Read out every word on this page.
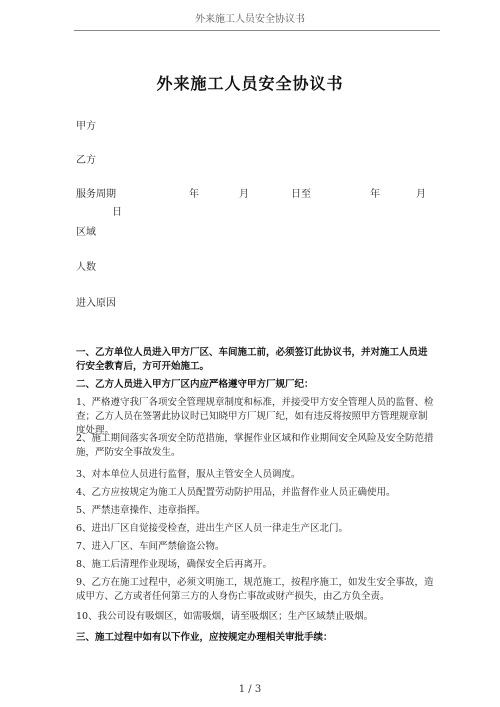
外来施工人员安全协议书
外来施工人员安全协议书
甲方
乙方
服务周期	年	月	日至	年	月
日
区域
人数
进入原因
一、乙方单位人员进入甲方厂区、车间施工前，必须签订此协议书，并对施工人员进行安全教育后，方可开始施工。
二、乙方人员进入甲方厂区内应严格遵守甲方厂规厂纪：
1、严格遵守我厂各项安全管理规章制度和标准，并接受甲方安全管理人员的监督、检查；乙方人员在签署此协议时已知晓甲方厂规厂纪，如有违反将按照甲方管理规章制度处理。
2、施工期间落实各项安全防范措施，掌握作业区域和作业期间安全风险及安全防范措施，严防安全事故发生。
3、对本单位人员进行监督，服从主管安全人员调度。
4、乙方应按规定为施工人员配置劳动防护用品，并监督作业人员正确使用。
5、严禁违章操作、违章指挥。
6、进出厂区自觉接受检查，进出生产区人员一律走生产区北门。
7、进入厂区、车间严禁偷盗公物。
8、施工后清理作业现场，确保安全后再离开。
9、乙方在施工过程中，必须文明施工，规范施工，按程序施工，如发生安全事故，造成甲方、乙方或者任何第三方的人身伤亡事故或财产损失，由乙方负全责。
10、我公司设有吸烟区，如需吸烟，请至吸烟区；生产区域禁止吸烟。
三、施工过程中如有以下作业，应按规定办理相关审批手续：
1 / 3
